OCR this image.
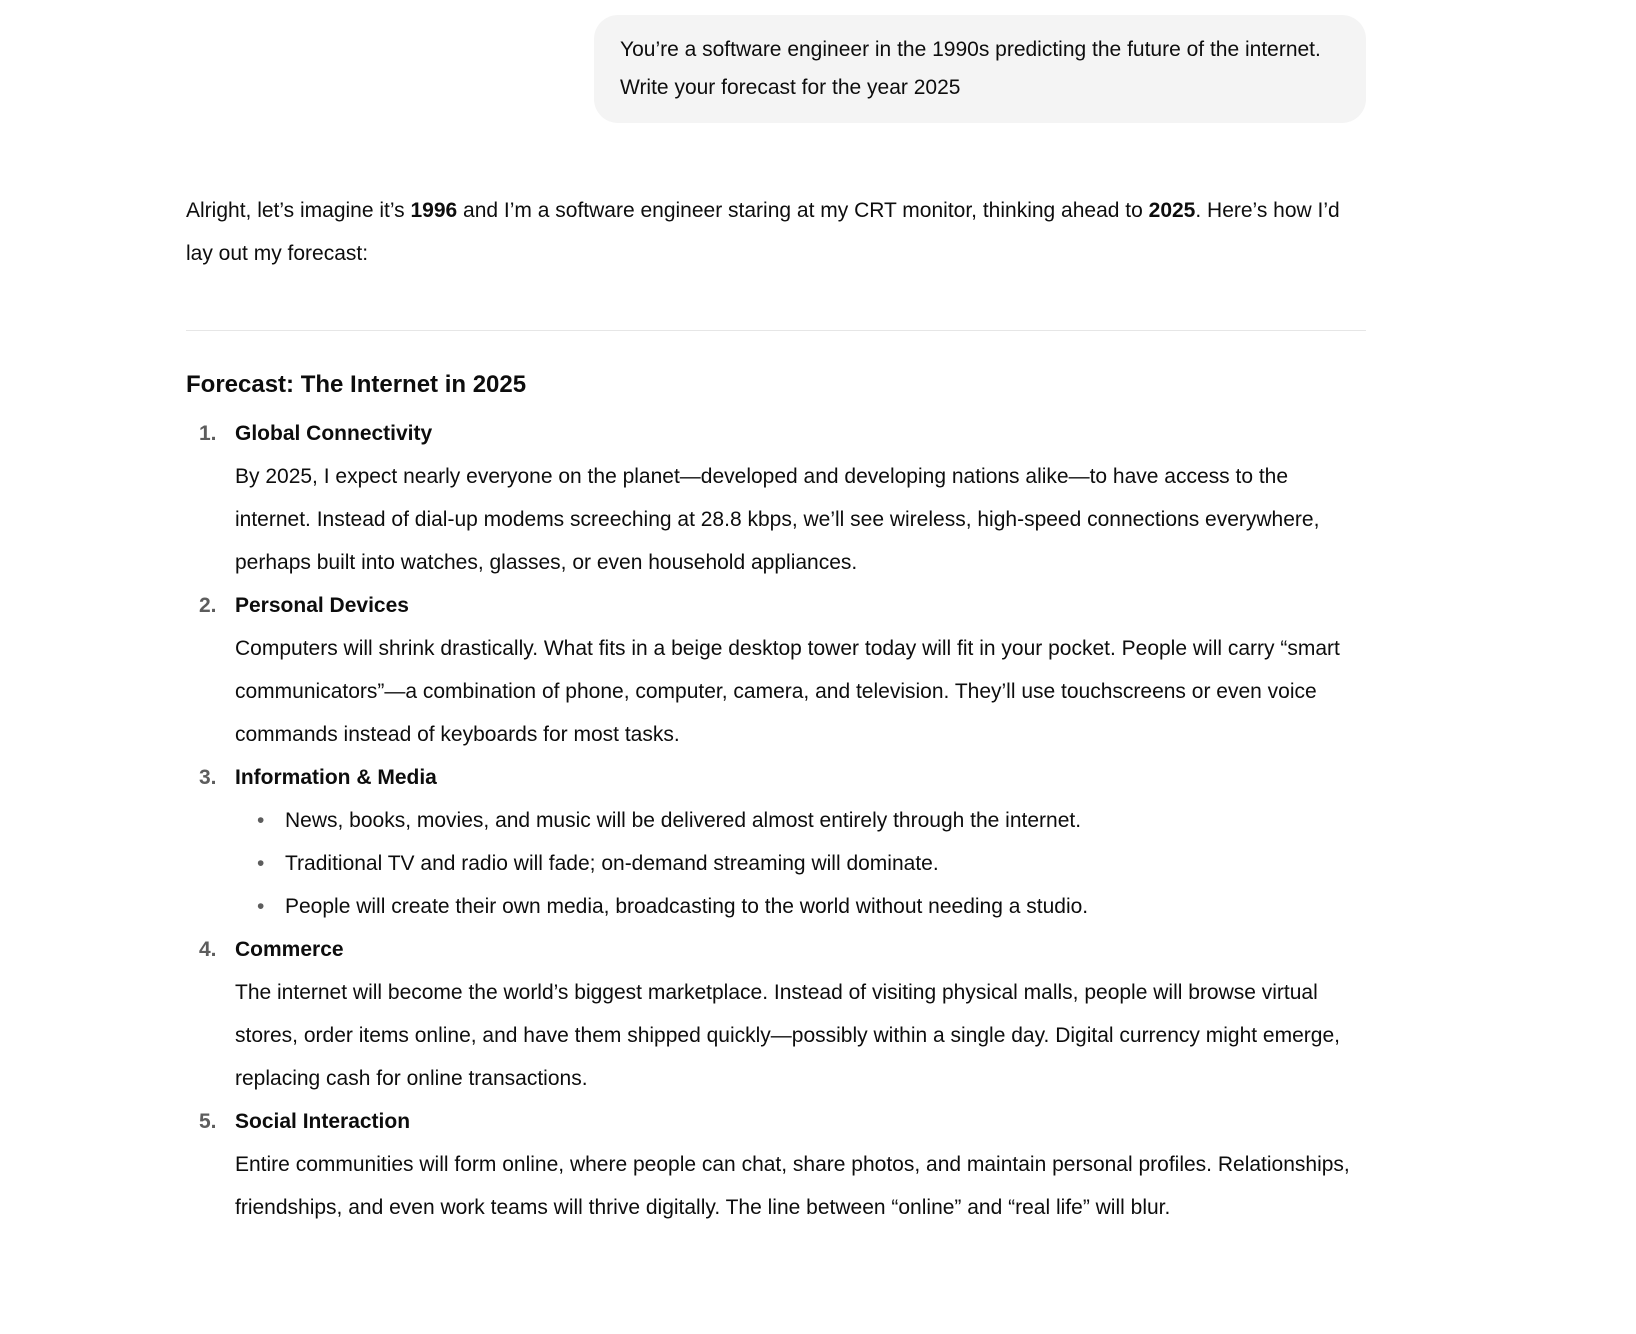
You’re a software engineer in the 1990s predicting the future of the internet. Write your forecast for the year 2025

Alright, let’s imagine it’s 1996 and I’m a software engineer staring at my CRT monitor, thinking ahead to 2025. Here’s how I’d lay out my forecast:

Forecast: The Internet in 2025
1. Global Connectivity

By 2025, I expect nearly everyone on the planet—developed and developing nations alike—to have access to the internet. Instead of dial-up modems screeching at 28.8 kbps, we’ll see wireless, high-speed connections everywhere, perhaps built into watches, glasses, or even household appliances.

2. Personal Devices

Computers will shrink drastically. What fits in a beige desktop tower today will fit in your pocket. People will carry “smart communicators”—a combination of phone, computer, camera, and television. They’ll use touchscreens or even voice commands instead of keyboards for most tasks.

3. Information & Media

• News, books, movies, and music will be delivered almost entirely through the internet.
• Traditional TV and radio will fade; on-demand streaming will dominate.
• People will create their own media, broadcasting to the world without needing a studio.
4. Commerce

The internet will become the world’s biggest marketplace. Instead of visiting physical malls, people will browse virtual stores, order items online, and have them shipped quickly—possibly within a single day. Digital currency might emerge, replacing cash for online transactions.

5. Social Interaction

Entire communities will form online, where people can chat, share photos, and maintain personal profiles. Relationships, friendships, and even work teams will thrive digitally. The line between “online” and “real life” will blur.
